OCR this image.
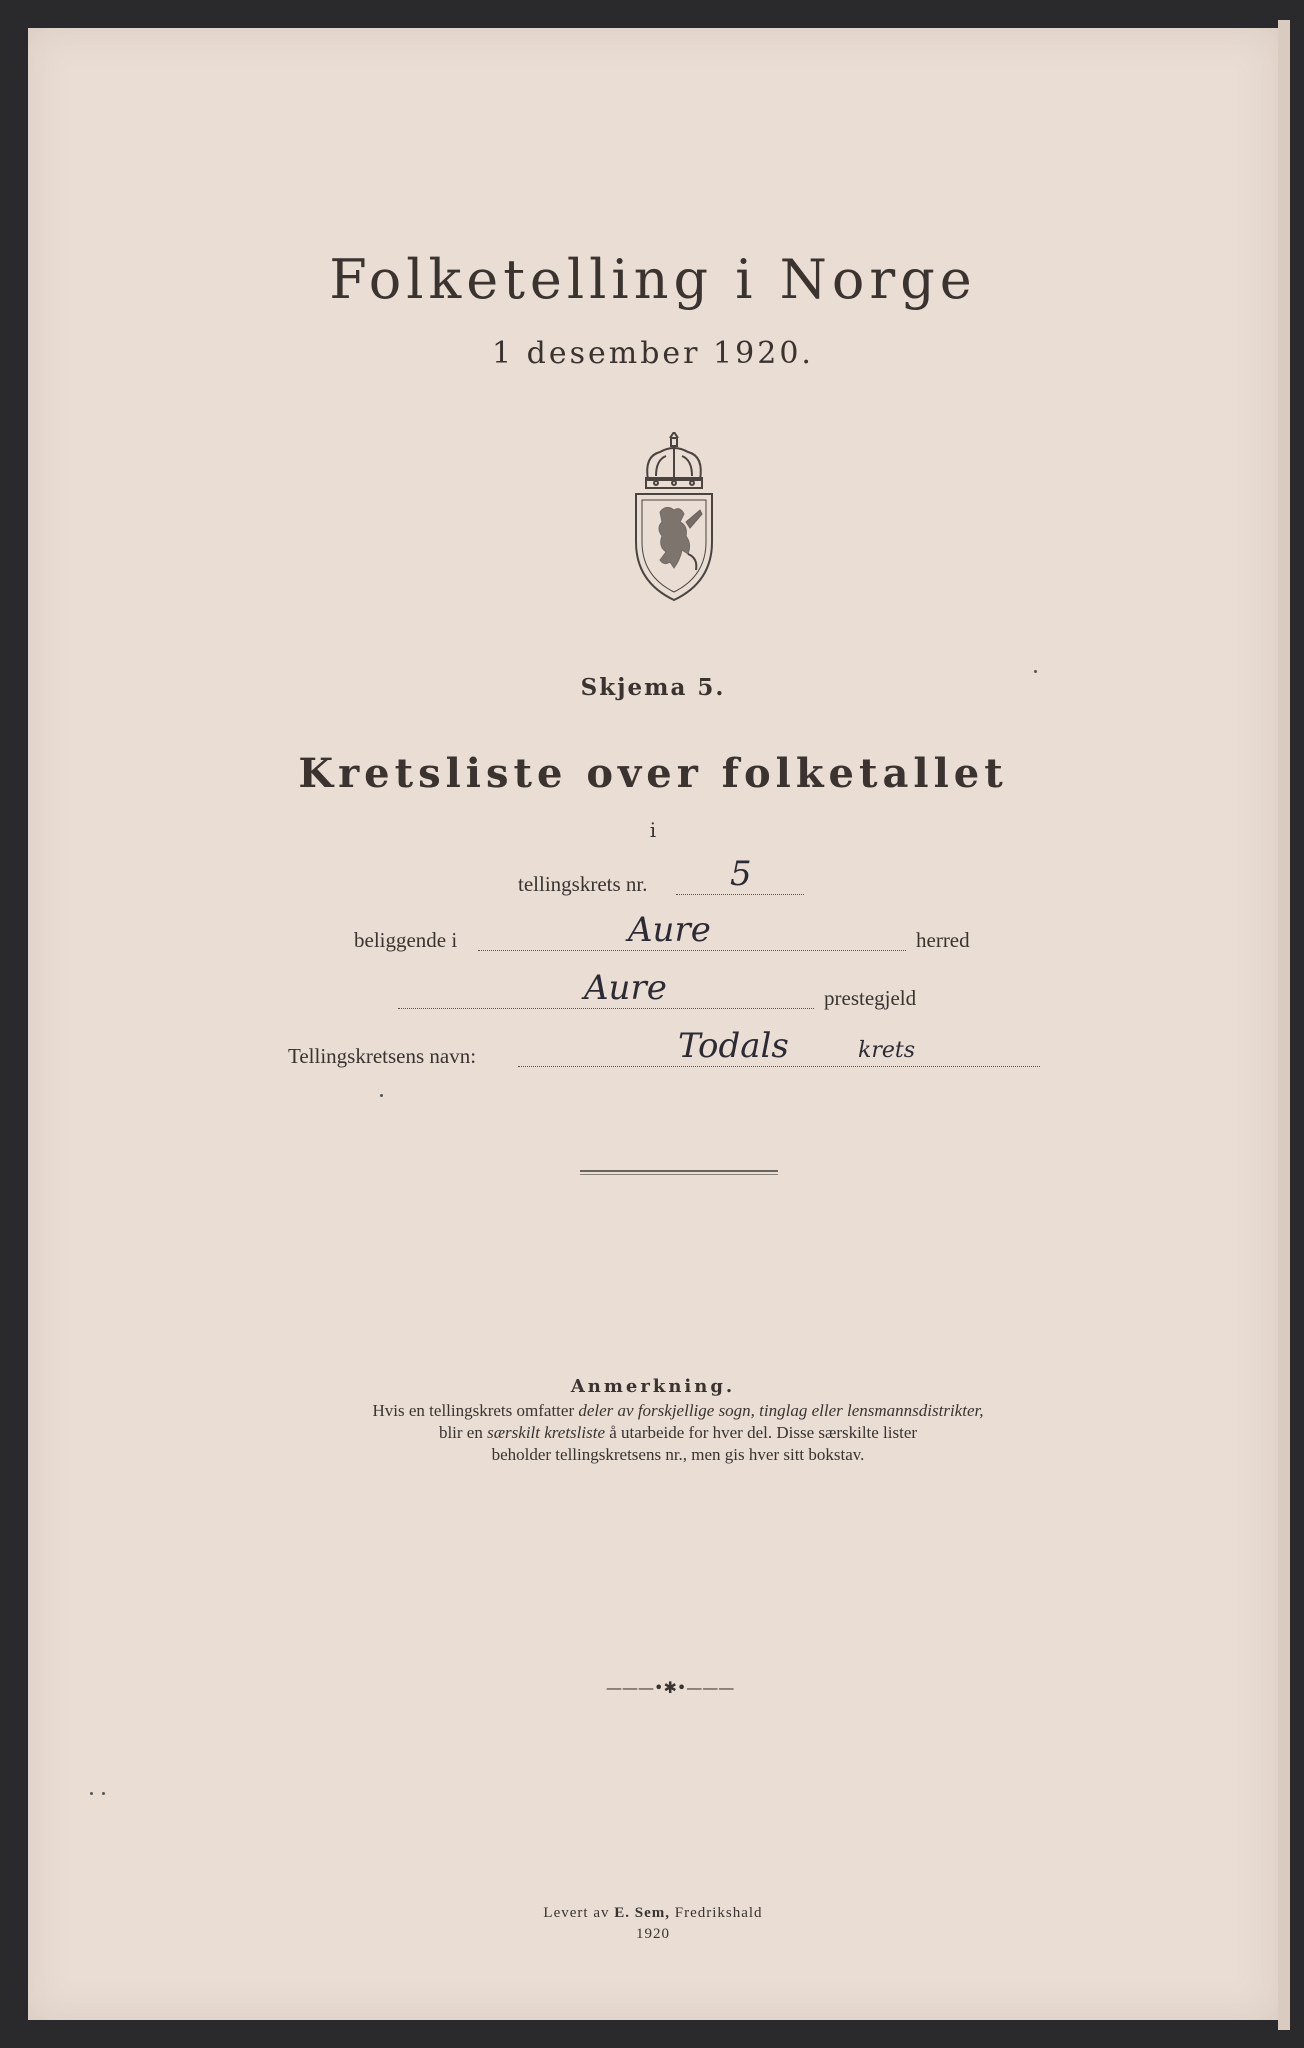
Folketelling i Norge
1 desember 1920.
Skjema 5.
Kretsliste over folketallet
i
tellingskrets nr. 5
beliggende i	Aure	herred
Aure	prestegjeld
Tellingskretsens navn:	Todals	krets
Anmerkning.
Hvis en tellingskrets omfatter deler av forskjellige sogn, tinglag eller lensmannsdistrikter,
blir en særskilt kretsliste å utarbeide for hver del. Disse særskilte lister
beholder tellingskretsens nr., men gis hver sitt bokstav.
———•✱•———
Levert av E. Sem, Fredrikshald
1920
